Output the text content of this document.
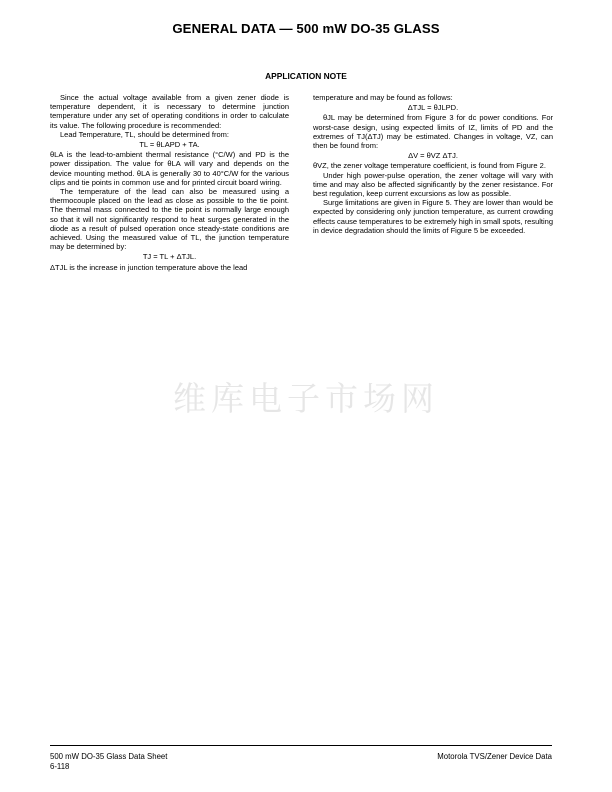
GENERAL DATA — 500 mW DO-35 GLASS
APPLICATION NOTE

Since the actual voltage available from a given zener diode is temperature dependent, it is necessary to determine junction temperature under any set of operating conditions in order to calculate its value. The following procedure is recommended:

Lead Temperature, TL, should be determined from:

TL = θLAPD + TA.

θLA is the lead-to-ambient thermal resistance (°C/W) and PD is the power dissipation. The value for θLA will vary and depends on the device mounting method. θLA is generally 30 to 40°C/W for the various clips and tie points in common use and for printed circuit board wiring.

The temperature of the lead can also be measured using a thermocouple placed on the lead as close as possible to the tie point. The thermal mass connected to the tie point is normally large enough so that it will not significantly respond to heat surges generated in the diode as a result of pulsed operation once steady-state conditions are achieved. Using the measured value of TL, the junction temperature may be determined by:

TJ = TL + ΔTJL.

ΔTJL is the increase in junction temperature above the lead

temperature and may be found as follows:

ΔTJL = θJLPD.

θJL may be determined from Figure 3 for dc power conditions. For worst-case design, using expected limits of IZ, limits of PD and the extremes of TJ(ΔTJ) may be estimated. Changes in voltage, VZ, can then be found from:

ΔV = θVZ ΔTJ.

θVZ, the zener voltage temperature coefficient, is found from Figure 2.

Under high power-pulse operation, the zener voltage will vary with time and may also be affected significantly by the zener resistance. For best regulation, keep current excursions as low as possible.

Surge limitations are given in Figure 5. They are lower than would be expected by considering only junction temperature, as current crowding effects cause temperatures to be extremely high in small spots, resulting in device degradation should the limits of Figure 5 be exceeded.

维库电子市场网
500 mW DO-35 Glass Data Sheet
6-118
Motorola TVS/Zener Device Data
